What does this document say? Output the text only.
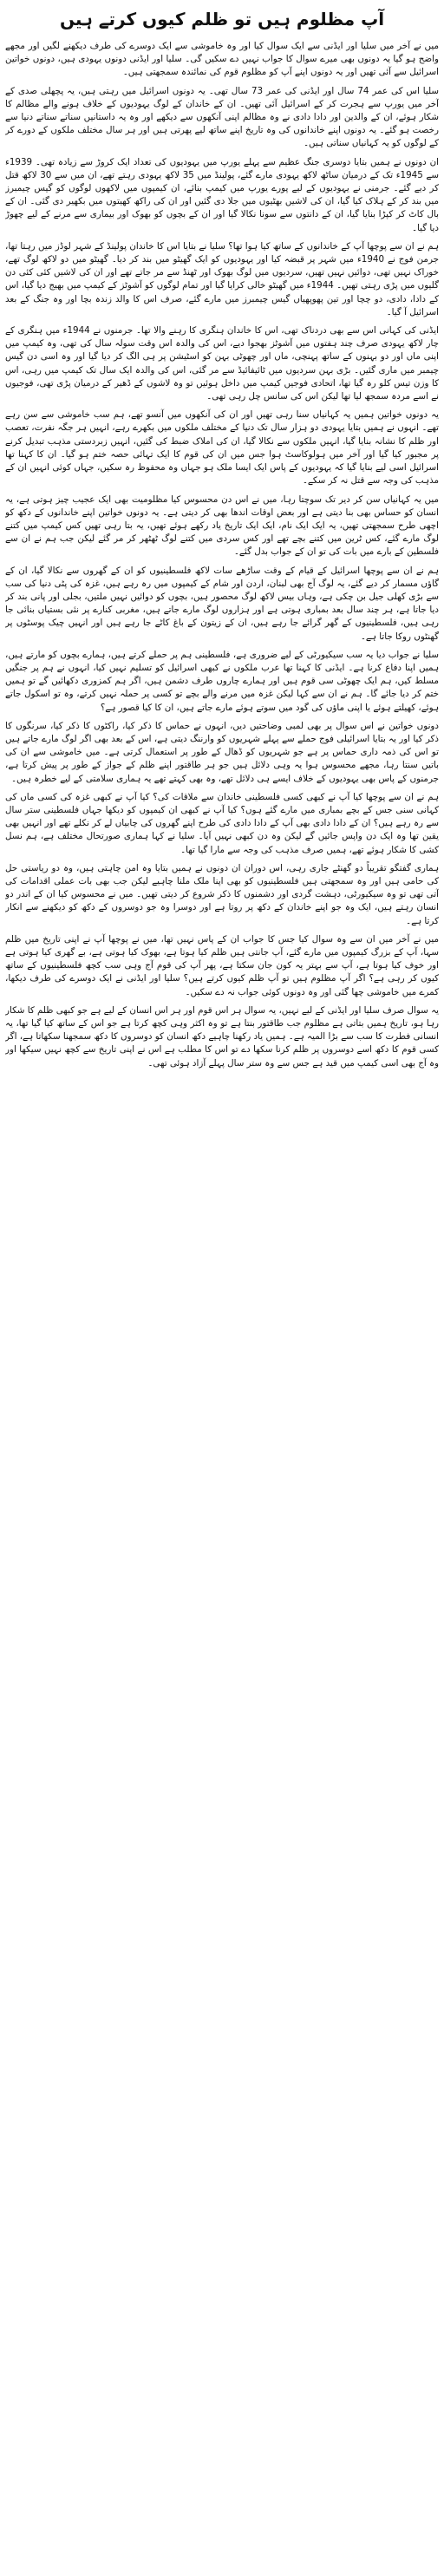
آپ مظلوم ہیں تو ظلم کیوں کرتے ہیں

میں نے آخر میں سلیا اور ایڈنی سے ایک سوال کیا اور وہ خاموشی سے ایک دوسرے کی طرف دیکھنے لگیں اور مجھے واضح ہو گیا یہ دونوں بھی میرے سوال کا جواب نہیں دے سکیں گی۔ سلیا اور ایڈنی دونوں یہودی ہیں، دونوں خواتین اسرائیل سے آئی تھیں اور یہ دونوں اپنے آپ کو مظلوم قوم کی نمائندہ سمجھتی ہیں۔

سلیا اس کی عمر 74 سال اور ایڈنی کی عمر 73 سال تھی۔ یہ دونوں اسرائیل میں رہتی ہیں، یہ پچھلی صدی کے آخر میں یورپ سے ہجرت کر کے اسرائیل آئی تھیں۔ ان کے خاندان کے لوگ یہودیوں کے خلاف ہونے والے مظالم کا شکار ہوئے، ان کے والدین اور دادا دادی نے وہ مظالم اپنی آنکھوں سے دیکھے اور وہ یہ داستانیں سناتے سناتے دنیا سے رخصت ہو گئے۔ یہ دونوں اپنے خاندانوں کی وہ تاریخ اپنے ساتھ لیے پھرتی ہیں اور ہر سال مختلف ملکوں کے دورے کر کے لوگوں کو یہ کہانیاں سناتی ہیں۔

ان دونوں نے ہمیں بتایا دوسری جنگ عظیم سے پہلے یورپ میں یہودیوں کی تعداد ایک کروڑ سے زیادہ تھی۔ 1939ء سے 1945ء تک کے درمیان ساٹھ لاکھ یہودی مارے گئے، پولینڈ میں 35 لاکھ یہودی رہتے تھے، ان میں سے 30 لاکھ قتل کر دیے گئے۔ جرمنی نے یہودیوں کے لیے پورے یورپ میں کیمپ بنائے، ان کیمپوں میں لاکھوں لوگوں کو گیس چیمبرز میں بند کر کے ہلاک کیا گیا، ان کی لاشیں بھٹیوں میں جلا دی گئیں اور ان کی راکھ کھیتوں میں بکھیر دی گئی۔ ان کے بال کاٹ کر کپڑا بنایا گیا، ان کے دانتوں سے سونا نکالا گیا اور ان کے بچوں کو بھوک اور بیماری سے مرنے کے لیے چھوڑ دیا گیا۔

ہم نے ان سے پوچھا آپ کے خاندانوں کے ساتھ کیا ہوا تھا؟ سلیا نے بتایا اس کا خاندان پولینڈ کے شہر لوڈز میں رہتا تھا، جرمن فوج نے 1940ء میں شہر پر قبضہ کیا اور یہودیوں کو ایک گھیٹو میں بند کر دیا۔ گھیٹو میں دو لاکھ لوگ تھے، خوراک نہیں تھی، دوائیں نہیں تھیں، سردیوں میں لوگ بھوک اور ٹھنڈ سے مر جاتے تھے اور ان کی لاشیں کئی کئی دن گلیوں میں پڑی رہتی تھیں۔ 1944ء میں گھیٹو خالی کرایا گیا اور تمام لوگوں کو آشوٹز کے کیمپ میں بھیج دیا گیا، اس کے دادا، دادی، دو چچا اور تین پھوپھیاں گیس چیمبرز میں مارے گئے، صرف اس کا والد زندہ بچا اور وہ جنگ کے بعد اسرائیل آ گیا۔

ایڈنی کی کہانی اس سے بھی دردناک تھی، اس کا خاندان ہنگری کا رہنے والا تھا۔ جرمنوں نے 1944ء میں ہنگری کے چار لاکھ یہودی صرف چند ہفتوں میں آشوٹز بھجوا دیے، اس کی والدہ اس وقت سولہ سال کی تھی، وہ کیمپ میں اپنی ماں اور دو بہنوں کے ساتھ پہنچی، ماں اور چھوٹی بہن کو اسٹیشن پر ہی الگ کر دیا گیا اور وہ اسی دن گیس چیمبر میں ماری گئیں۔ بڑی بہن سردیوں میں ٹائیفائیڈ سے مر گئی، اس کی والدہ ایک سال تک کیمپ میں رہی، اس کا وزن تیس کلو رہ گیا تھا، اتحادی فوجیں کیمپ میں داخل ہوئیں تو وہ لاشوں کے ڈھیر کے درمیان پڑی تھی، فوجیوں نے اسے مردہ سمجھ لیا تھا لیکن اس کی سانس چل رہی تھی۔

یہ دونوں خواتین ہمیں یہ کہانیاں سنا رہی تھیں اور ان کی آنکھوں میں آنسو تھے، ہم سب خاموشی سے سن رہے تھے۔ انہوں نے ہمیں بتایا یہودی دو ہزار سال تک دنیا کے مختلف ملکوں میں بکھرے رہے، انہیں ہر جگہ نفرت، تعصب اور ظلم کا نشانہ بنایا گیا، انہیں ملکوں سے نکالا گیا، ان کی املاک ضبط کی گئیں، انہیں زبردستی مذہب تبدیل کرنے پر مجبور کیا گیا اور آخر میں ہولوکاسٹ ہوا جس میں ان کی قوم کا ایک تہائی حصہ ختم ہو گیا۔ ان کا کہنا تھا اسرائیل اسی لیے بنایا گیا کہ یہودیوں کے پاس ایک ایسا ملک ہو جہاں وہ محفوظ رہ سکیں، جہاں کوئی انہیں ان کے مذہب کی وجہ سے قتل نہ کر سکے۔

میں یہ کہانیاں سن کر دیر تک سوچتا رہا، میں نے اس دن محسوس کیا مظلومیت بھی ایک عجیب چیز ہوتی ہے، یہ انسان کو حساس بھی بنا دیتی ہے اور بعض اوقات اندھا بھی کر دیتی ہے۔ یہ دونوں خواتین اپنے خاندانوں کے دکھ کو اچھی طرح سمجھتی تھیں، یہ ایک ایک نام، ایک ایک تاریخ یاد رکھے ہوئے تھیں، یہ بتا رہی تھیں کس کیمپ میں کتنے لوگ مارے گئے، کس ٹرین میں کتنے بچے تھے اور کس سردی میں کتنے لوگ ٹھٹھر کر مر گئے لیکن جب ہم نے ان سے فلسطین کے بارے میں بات کی تو ان کے جواب بدل گئے۔

ہم نے ان سے پوچھا اسرائیل کے قیام کے وقت ساڑھے سات لاکھ فلسطینیوں کو ان کے گھروں سے نکالا گیا، ان کے گاؤں مسمار کر دیے گئے، یہ لوگ آج بھی لبنان، اردن اور شام کے کیمپوں میں رہ رہے ہیں، غزہ کی پٹی دنیا کی سب سے بڑی کھلی جیل بن چکی ہے، وہاں بیس لاکھ لوگ محصور ہیں، بچوں کو دوائیں نہیں ملتیں، بجلی اور پانی بند کر دیا جاتا ہے، ہر چند سال بعد بمباری ہوتی ہے اور ہزاروں لوگ مارے جاتے ہیں، مغربی کنارے پر نئی بستیاں بنائی جا رہی ہیں، فلسطینیوں کے گھر گرائے جا رہے ہیں، ان کے زیتون کے باغ کاٹے جا رہے ہیں اور انہیں چیک پوسٹوں پر گھنٹوں روکا جاتا ہے۔

سلیا نے جواب دیا یہ سب سیکیورٹی کے لیے ضروری ہے، فلسطینی ہم پر حملے کرتے ہیں، ہمارے بچوں کو مارتے ہیں، ہمیں اپنا دفاع کرنا ہے۔ ایڈنی کا کہنا تھا عرب ملکوں نے کبھی اسرائیل کو تسلیم نہیں کیا، انہوں نے ہم پر جنگیں مسلط کیں، ہم ایک چھوٹی سی قوم ہیں اور ہمارے چاروں طرف دشمن ہیں، اگر ہم کمزوری دکھائیں گے تو ہمیں ختم کر دیا جائے گا۔ ہم نے ان سے کہا لیکن غزہ میں مرنے والے بچے تو کسی پر حملہ نہیں کرتے، وہ تو اسکول جاتے ہوئے، کھیلتے ہوئے یا اپنی ماؤں کی گود میں سوتے ہوئے مارے جاتے ہیں، ان کا کیا قصور ہے؟

دونوں خواتین نے اس سوال پر بھی لمبی وضاحتیں دیں، انہوں نے حماس کا ذکر کیا، راکٹوں کا ذکر کیا، سرنگوں کا ذکر کیا اور یہ بتایا اسرائیلی فوج حملے سے پہلے شہریوں کو وارننگ دیتی ہے، اس کے بعد بھی اگر لوگ مارے جاتے ہیں تو اس کی ذمہ داری حماس پر ہے جو شہریوں کو ڈھال کے طور پر استعمال کرتی ہے۔ میں خاموشی سے ان کی باتیں سنتا رہا، مجھے محسوس ہوا یہ وہی دلائل ہیں جو ہر طاقتور اپنے ظلم کے جواز کے طور پر پیش کرتا ہے، جرمنوں کے پاس بھی یہودیوں کے خلاف ایسے ہی دلائل تھے، وہ بھی کہتے تھے یہ ہماری سلامتی کے لیے خطرہ ہیں۔

ہم نے ان سے پوچھا کیا آپ نے کبھی کسی فلسطینی خاندان سے ملاقات کی؟ کیا آپ نے کبھی غزہ کی کسی ماں کی کہانی سنی جس کے بچے بمباری میں مارے گئے ہوں؟ کیا آپ نے کبھی ان کیمپوں کو دیکھا جہاں فلسطینی ستر سال سے رہ رہے ہیں؟ ان کے دادا دادی بھی آپ کے دادا دادی کی طرح اپنے گھروں کی چابیاں لے کر نکلے تھے اور انہیں بھی یقین تھا وہ ایک دن واپس جائیں گے لیکن وہ دن کبھی نہیں آیا۔ سلیا نے کہا ہماری صورتحال مختلف ہے، ہم نسل کشی کا شکار ہوئے تھے، ہمیں صرف مذہب کی وجہ سے مارا گیا تھا۔

ہماری گفتگو تقریباً دو گھنٹے جاری رہی، اس دوران ان دونوں نے ہمیں بتایا وہ امن چاہتی ہیں، وہ دو ریاستی حل کی حامی ہیں اور وہ سمجھتی ہیں فلسطینیوں کو بھی اپنا ملک ملنا چاہیے لیکن جب بھی بات عملی اقدامات کی آتی تھی تو وہ سیکیورٹی، دہشت گردی اور دشمنوں کا ذکر شروع کر دیتی تھیں۔ میں نے محسوس کیا ان کے اندر دو انسان رہتے ہیں، ایک وہ جو اپنے خاندان کے دکھ پر روتا ہے اور دوسرا وہ جو دوسروں کے دکھ کو دیکھنے سے انکار کرتا ہے۔

میں نے آخر میں ان سے وہ سوال کیا جس کا جواب ان کے پاس نہیں تھا، میں نے پوچھا آپ نے اپنی تاریخ میں ظلم سہا، آپ کے بزرگ کیمپوں میں مارے گئے، آپ جانتی ہیں ظلم کیا ہوتا ہے، بھوک کیا ہوتی ہے، بے گھری کیا ہوتی ہے اور خوف کیا ہوتا ہے، آپ سے بہتر یہ کون جان سکتا ہے، پھر آپ کی قوم آج وہی سب کچھ فلسطینیوں کے ساتھ کیوں کر رہی ہے؟ اگر آپ مظلوم ہیں تو آپ ظلم کیوں کرتے ہیں؟ سلیا اور ایڈنی نے ایک دوسرے کی طرف دیکھا، کمرے میں خاموشی چھا گئی اور وہ دونوں کوئی جواب نہ دے سکیں۔

یہ سوال صرف سلیا اور ایڈنی کے لیے نہیں، یہ سوال ہر اس قوم اور ہر اس انسان کے لیے ہے جو کبھی ظلم کا شکار رہا ہو، تاریخ ہمیں بتاتی ہے مظلوم جب طاقتور بنتا ہے تو وہ اکثر وہی کچھ کرتا ہے جو اس کے ساتھ کیا گیا تھا، یہ انسانی فطرت کا سب سے بڑا المیہ ہے۔ ہمیں یاد رکھنا چاہیے دکھ انسان کو دوسروں کا دکھ سمجھنا سکھاتا ہے، اگر کسی قوم کا دکھ اسے دوسروں پر ظلم کرنا سکھا دے تو اس کا مطلب ہے اس نے اپنی تاریخ سے کچھ نہیں سیکھا اور وہ آج بھی اسی کیمپ میں قید ہے جس سے وہ ستر سال پہلے آزاد ہوئی تھی۔
